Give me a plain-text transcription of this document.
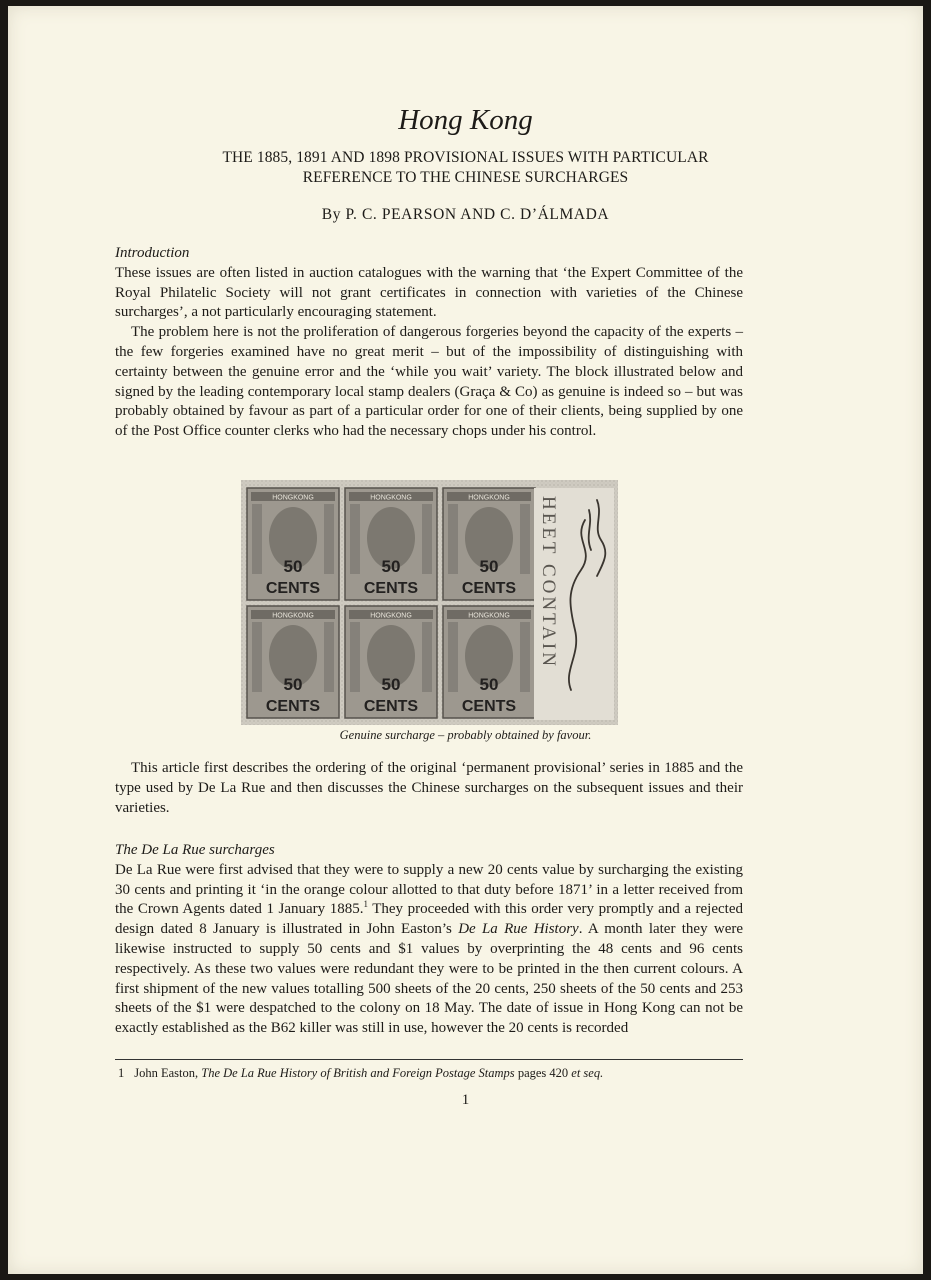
Hong Kong
THE 1885, 1891 AND 1898 PROVISIONAL ISSUES WITH PARTICULAR
REFERENCE TO THE CHINESE SURCHARGES
By P. C. PEARSON AND C. D’ÁLMADA

Introduction

These issues are often listed in auction catalogues with the warning that ‘the Expert Committee of the Royal Philatelic Society will not grant certificates in connection with varieties of the Chinese surcharges’, a not particularly encouraging statement.

The problem here is not the proliferation of dangerous forgeries beyond the capacity of the experts – the few forgeries examined have no great merit – but of the impossibility of distinguishing with certainty between the genuine error and the ‘while you wait’ variety. The block illustrated below and signed by the leading contemporary local stamp dealers (Graça & Co) as genuine is indeed so – but was probably obtained by favour as part of a particular order for one of their clients, being supplied by one of the Post Office counter clerks who had the necessary chops under his control.

HONGKONG
50
CENTS
HONGKONG
50
CENTS
HONGKONG
50
CENTS
HONGKONG
50
CENTS
HONGKONG
50
CENTS
HONGKONG
50
CENTS
HEET CONTAIN
Genuine surcharge – probably obtained by favour.

This article first describes the ordering of the original ‘permanent provisional’ series in 1885 and the type used by De La Rue and then discusses the Chinese surcharges on the subsequent issues and their varieties.

The De La Rue surcharges

De La Rue were first advised that they were to supply a new 20 cents value by surcharging the existing 30 cents and printing it ‘in the orange colour allotted to that duty before 1871’ in a letter received from the Crown Agents dated 1 January 1885.$^1$ They proceeded with this order very promptly and a rejected design dated 8 January is illustrated in John Easton’s De La Rue History. A month later they were likewise instructed to supply 50 cents and $1 values by overprinting the 48 cents and 96 cents respectively. As these two values were redundant they were to be printed in the then current colours. A first shipment of the new values totalling 500 sheets of the 20 cents, 250 sheets of the 50 cents and 253 sheets of the $1 were despatched to the colony on 18 May. The date of issue in Hong Kong can not be exactly established as the B62 killer was still in use, however the 20 cents is recorded

1 John Easton, The De La Rue History of British and Foreign Postage Stamps pages 420 et seq.
1
